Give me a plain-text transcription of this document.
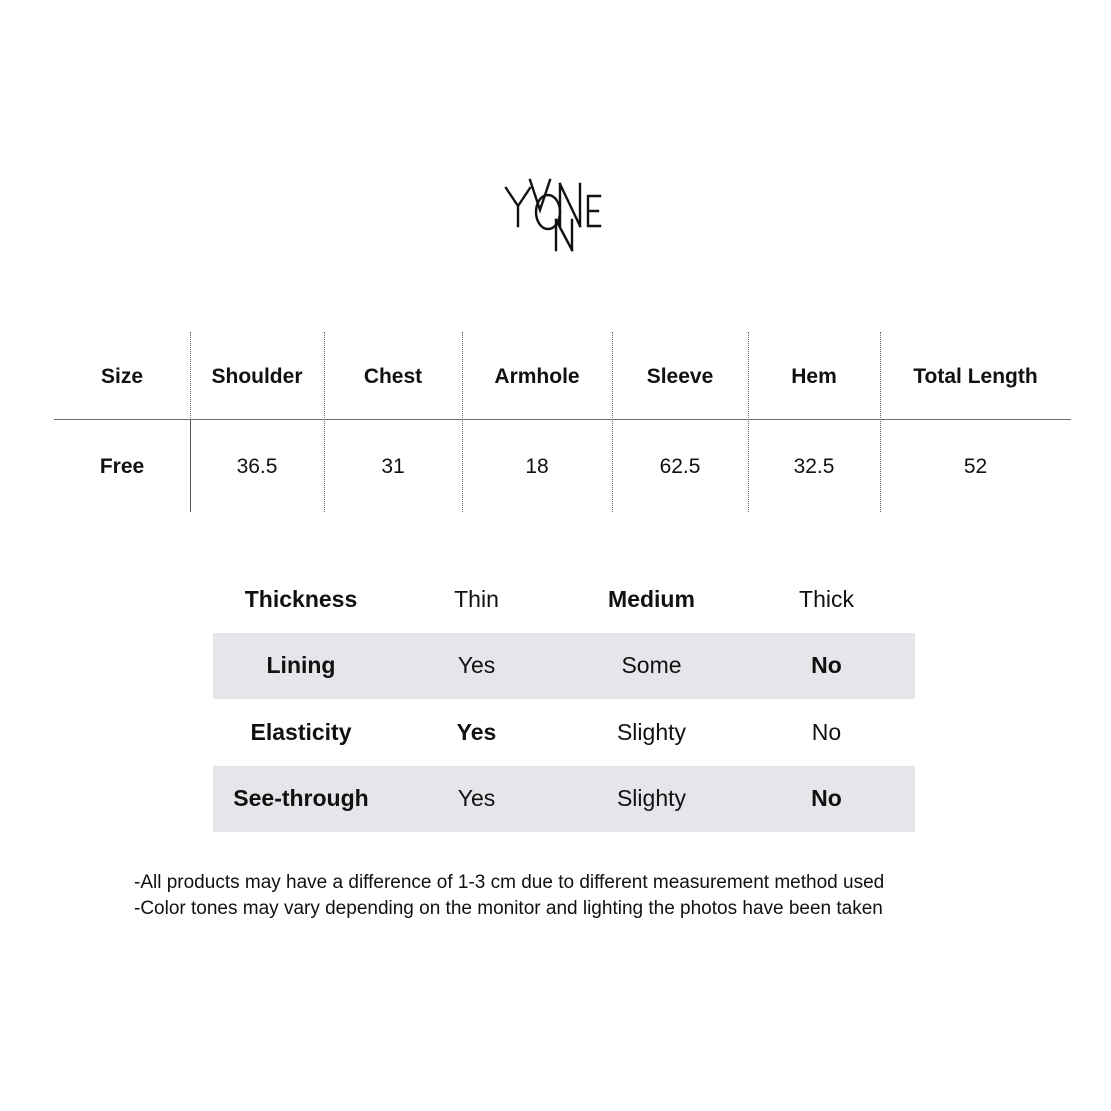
Size	Shoulder	Chest	Armhole	Sleeve	Hem	Total Length
Free	36.5	31	18	62.5	32.5	52
Thickness	Thin	Medium	Thick
Lining	Yes	Some	No
Elasticity	Yes	Slighty	No
See-through	Yes	Slighty	No
-All products may have a difference of 1-3 cm due to different measurement method used
-Color tones may vary depending on the monitor and lighting the photos have been taken
